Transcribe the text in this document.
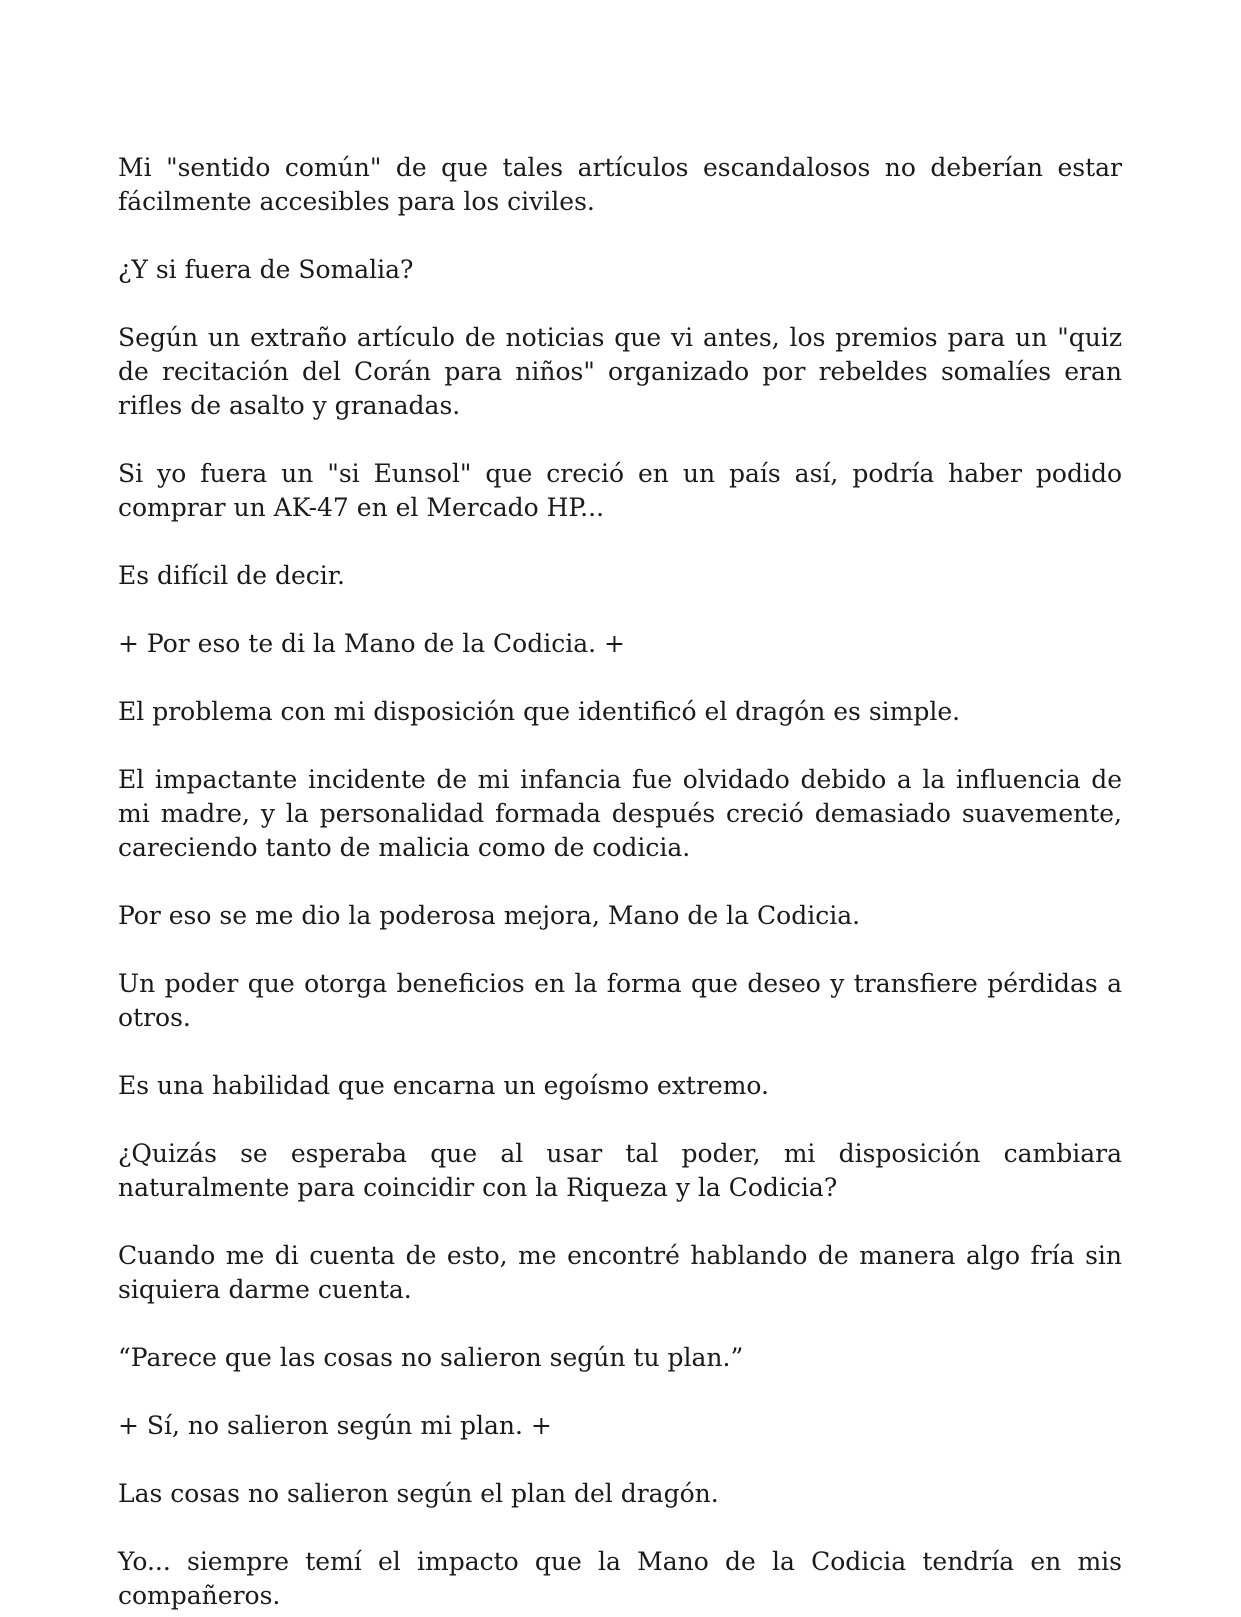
Mi "sentido común" de que tales artículos escandalosos no deberían estar fácilmente accesibles para los civiles.

¿Y si fuera de Somalia?

Según un extraño artículo de noticias que vi antes, los premios para un "quiz de recitación del Corán para niños" organizado por rebeldes somalíes eran rifles de asalto y granadas.

Si yo fuera un "si Eunsol" que creció en un país así, podría haber podido comprar un AK-47 en el Mercado HP...

Es difícil de decir.

+ Por eso te di la Mano de la Codicia. +

El problema con mi disposición que identificó el dragón es simple.

El impactante incidente de mi infancia fue olvidado debido a la influencia de mi madre, y la personalidad formada después creció demasiado suavemente, careciendo tanto de malicia como de codicia.

Por eso se me dio la poderosa mejora, Mano de la Codicia.

Un poder que otorga beneficios en la forma que deseo y transfiere pérdidas a otros.

Es una habilidad que encarna un egoísmo extremo.

¿Quizás se esperaba que al usar tal poder, mi disposición cambiara naturalmente para coincidir con la Riqueza y la Codicia?

Cuando me di cuenta de esto, me encontré hablando de manera algo fría sin siquiera darme cuenta.

“Parece que las cosas no salieron según tu plan.”

+ Sí, no salieron según mi plan. +

Las cosas no salieron según el plan del dragón.

Yo... siempre temí el impacto que la Mano de la Codicia tendría en mis compañeros.
